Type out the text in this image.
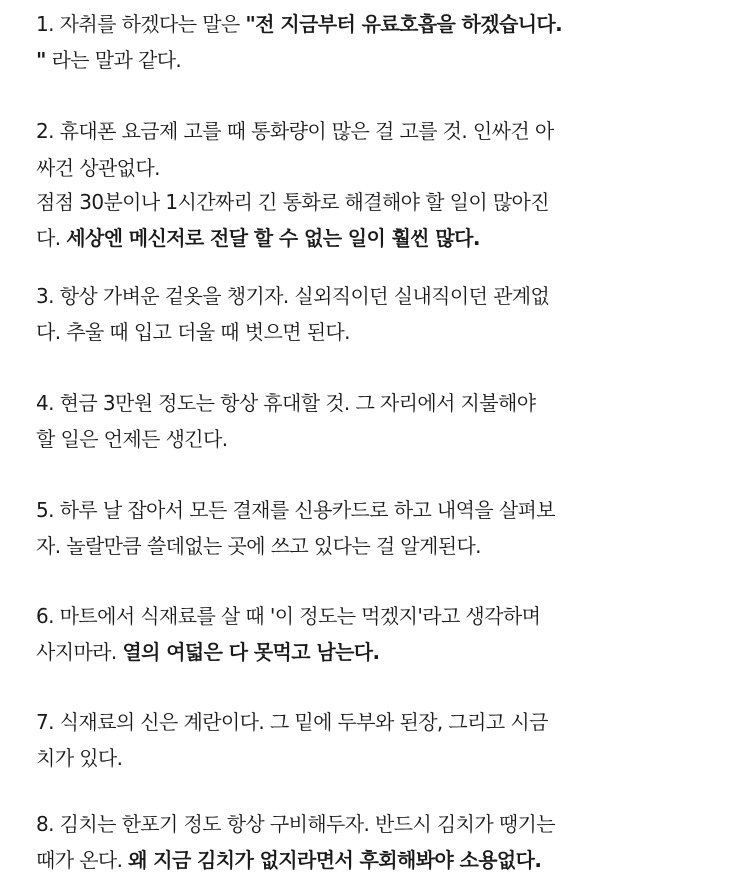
1. 자취를 하겠다는 말은 "전 지금부터 유료호흡을 하겠습니다.
" 라는 말과 같다.
2. 휴대폰 요금제 고를 때 통화량이 많은 걸 고를 것. 인싸건 아
싸건 상관없다.
점점 30분이나 1시간짜리 긴 통화로 해결해야 할 일이 많아진
다. 세상엔 메신저로 전달 할 수 없는 일이 훨씬 많다.
3. 항상 가벼운 겉옷을 챙기자. 실외직이던 실내직이던 관계없
다. 추울 때 입고 더울 때 벗으면 된다.
4. 현금 3만원 정도는 항상 휴대할 것. 그 자리에서 지불해야
할 일은 언제든 생긴다.
5. 하루 날 잡아서 모든 결재를 신용카드로 하고 내역을 살펴보
자. 놀랄만큼 쓸데없는 곳에 쓰고 있다는 걸 알게된다.
6. 마트에서 식재료를 살 때 '이 정도는 먹겠지'라고 생각하며
사지마라. 열의 여덟은 다 못먹고 남는다.
7. 식재료의 신은 계란이다. 그 밑에 두부와 된장, 그리고 시금
치가 있다.
8. 김치는 한포기 정도 항상 구비해두자. 반드시 김치가 땡기는
때가 온다. 왜 지금 김치가 없지라면서 후회해봐야 소용없다.
